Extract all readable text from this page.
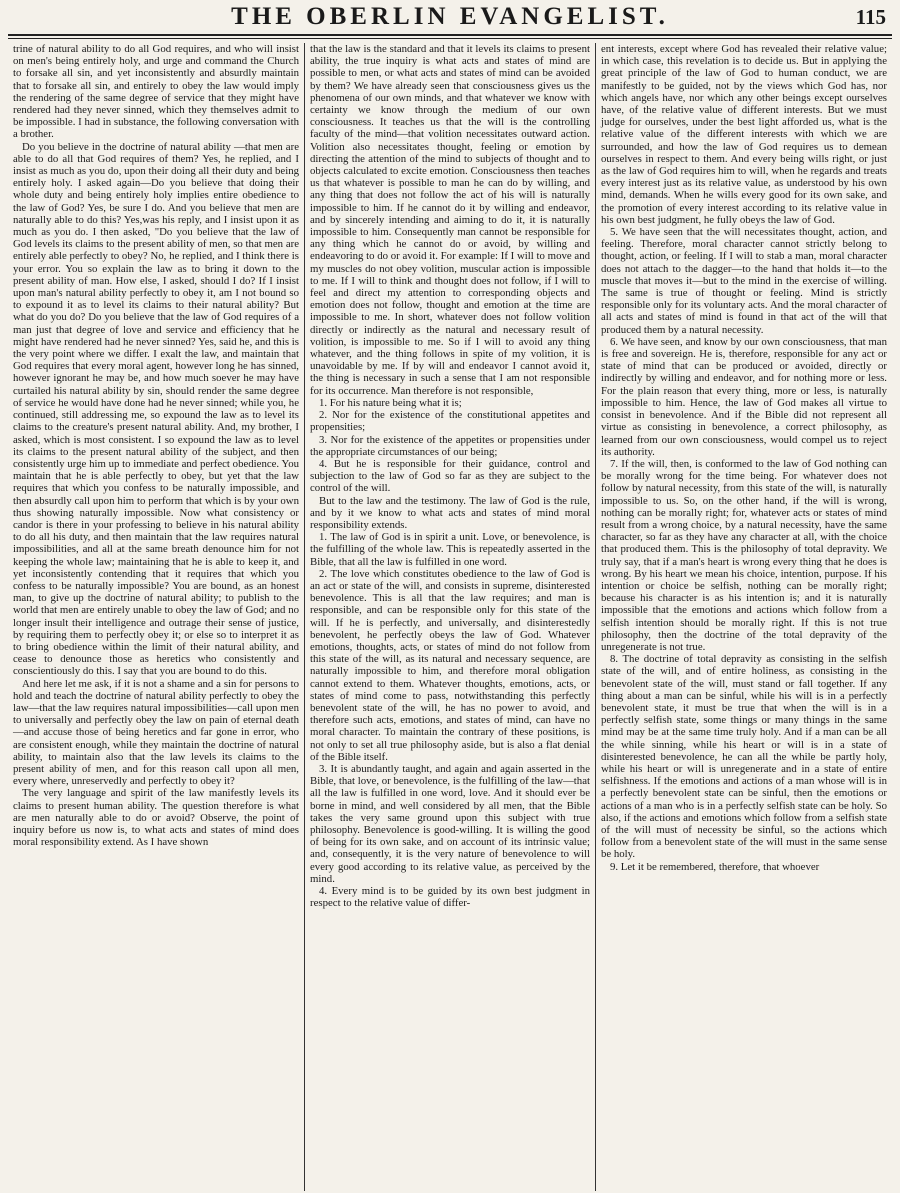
THE OBERLIN EVANGELIST.	115

trine of natural ability to do all God requires, and who will insist on men's being entirely holy, and urge and command the Church to forsake all sin, and yet inconsistently and absurdly maintain that to forsake all sin, and entirely to obey the law would imply the rendering of the same degree of service that they might have rendered had they never sinned, which they themselves admit to be impossible. I had in substance, the following conversation with a brother.

Do you believe in the doctrine of natural ability —that men are able to do all that God requires of them? Yes, he replied, and I insist as much as you do, upon their doing all their duty and being entirely holy. I asked again—Do you believe that doing their whole duty and being entirely holy implies entire obedience to the law of God? Yes, be sure I do. And you believe that men are naturally able to do this? Yes,was his reply, and I insist upon it as much as you do. I then asked, "Do you believe that the law of God levels its claims to the present ability of men, so that men are entirely able perfectly to obey? No, he replied, and I think there is your error. You so explain the law as to bring it down to the present ability of man. How else, I asked, should I do? If I insist upon man's natural ability perfectly to obey it, am I not bound so to expound it as to level its claims to their natural ability? But what do you do? Do you believe that the law of God requires of a man just that degree of love and service and efficiency that he might have rendered had he never sinned? Yes, said he, and this is the very point where we differ. I exalt the law, and maintain that God requires that every moral agent, however long he has sinned, however ignorant he may be, and how much soever he may have curtailed his natural ability by sin, should render the same degree of service he would have done had he never sinned; while you, he continued, still addressing me, so expound the law as to level its claims to the creature's present natural ability. And, my brother, I asked, which is most consistent. I so expound the law as to level its claims to the present natural ability of the subject, and then consistently urge him up to immediate and perfect obedience. You maintain that he is able perfectly to obey, but yet that the law requires that which you confess to be naturally impossible, and then absurdly call upon him to perform that which is by your own thus showing naturally impossible. Now what consistency or candor is there in your professing to believe in his natural ability to do all his duty, and then maintain that the law requires natural impossibilities, and all at the same breath denounce him for not keeping the whole law; maintaining that he is able to keep it, and yet inconsistently contending that it requires that which you confess to be naturally impossible? You are bound, as an honest man, to give up the doctrine of natural ability; to publish to the world that men are entirely unable to obey the law of God; and no longer insult their intelligence and outrage their sense of justice, by requiring them to perfectly obey it; or else so to interpret it as to bring obedience within the limit of their natural ability, and cease to denounce those as heretics who consistently and conscientiously do this. I say that you are bound to do this.

And here let me ask, if it is not a shame and a sin for persons to hold and teach the doctrine of natural ability perfectly to obey the law—that the law requires natural impossibilities—call upon men to universally and perfectly obey the law on pain of eternal death—and accuse those of being heretics and far gone in error, who are consistent enough, while they maintain the doctrine of natural ability, to maintain also that the law levels its claims to the present ability of men, and for this reason call upon all men, every where, unreservedly and perfectly to obey it?

The very language and spirit of the law manifestly levels its claims to present human ability. The question therefore is what are men naturally able to do or avoid? Observe, the point of inquiry before us now is, to what acts and states of mind does moral responsibility extend. As I have shown

that the law is the standard and that it levels its claims to present ability, the true inquiry is what acts and states of mind are possible to men, or what acts and states of mind can be avoided by them? We have already seen that consciousness gives us the phenomena of our own minds, and that whatever we know with certainty we know through the medium of our own consciousness. It teaches us that the will is the controlling faculty of the mind—that volition necessitates outward action. Volition also necessitates thought, feeling or emotion by directing the attention of the mind to subjects of thought and to objects calculated to excite emotion. Consciousness then teaches us that whatever is possible to man he can do by willing, and any thing that does not follow the act of his will is naturally impossible to him. If he cannot do it by willing and endeavor, and by sincerely intending and aiming to do it, it is naturally impossible to him. Consequently man cannot be responsible for any thing which he cannot do or avoid, by willing and endeavoring to do or avoid it. For example: If I will to move and my muscles do not obey volition, muscular action is impossible to me. If I will to think and thought does not follow, if I will to feel and direct my attention to corresponding objects and emotion does not follow, thought and emotion at the time are impossible to me. In short, whatever does not follow volition directly or indirectly as the natural and necessary result of volition, is impossible to me. So if I will to avoid any thing whatever, and the thing follows in spite of my volition, it is unavoidable by me. If by will and endeavor I cannot avoid it, the thing is necessary in such a sense that I am not responsible for its occurrence. Man therefore is not responsible,

1. For his nature being what it is;
2. Nor for the existence of the constitutional appetites and propensities;
3. Nor for the existence of the appetites or propensities under the appropriate circumstances of our being;
4. But he is responsible for their guidance, control and subjection to the law of God so far as they are subject to the control of the will.

But to the law and the testimony. The law of God is the rule, and by it we know to what acts and states of mind moral responsibility extends.

1. The law of God is in spirit a unit. Love, or benevolence, is the fulfilling of the whole law. This is repeatedly asserted in the Bible, that all the law is fulfilled in one word.

2. The love which constitutes obedience to the law of God is an act or state of the will, and consists in supreme, disinterested benevolence. This is all that the law requires; and man is responsible, and can be responsible only for this state of the will. If he is perfectly, and universally, and disinterestedly benevolent, he perfectly obeys the law of God. Whatever emotions, thoughts, acts, or states of mind do not follow from this state of the will, as its natural and necessary sequence, are naturally impossible to him, and therefore moral obligation cannot extend to them. Whatever thoughts, emotions, acts, or states of mind come to pass, notwithstanding this perfectly benevolent state of the will, he has no power to avoid, and therefore such acts, emotions, and states of mind, can have no moral character. To maintain the contrary of these positions, is not only to set all true philosophy aside, but is also a flat denial of the Bible itself.

3. It is abundantly taught, and again and again asserted in the Bible, that love, or benevolence, is the fulfilling of the law—that all the law is fulfilled in one word, love. And it should ever be borne in mind, and well considered by all men, that the Bible takes the very same ground upon this subject with true philosophy. Benevolence is good-willing. It is willing the good of being for its own sake, and on account of its intrinsic value; and, consequently, it is the very nature of benevolence to will every good according to its relative value, as perceived by the mind.

4. Every mind is to be guided by its own best judgment in respect to the relative value of differ-

ent interests, except where God has revealed their relative value; in which case, this revelation is to decide us. But in applying the great principle of the law of God to human conduct, we are manifestly to be guided, not by the views which God has, nor which angels have, nor which any other beings except ourselves have, of the relative value of different interests. But we must judge for ourselves, under the best light afforded us, what is the relative value of the different interests with which we are surrounded, and how the law of God requires us to demean ourselves in respect to them. And every being wills right, or just as the law of God requires him to will, when he regards and treats every interest just as its relative value, as understood by his own mind, demands. When he wills every good for its own sake, and the promotion of every interest according to its relative value in his own best judgment, he fully obeys the law of God.

5. We have seen that the will necessitates thought, action, and feeling. Therefore, moral character cannot strictly belong to thought, action, or feeling. If I will to stab a man, moral character does not attach to the dagger—to the hand that holds it—to the muscle that moves it—but to the mind in the exercise of willing. The same is true of thought or feeling. Mind is strictly responsible only for its voluntary acts. And the moral character of all acts and states of mind is found in that act of the will that produced them by a natural necessity.

6. We have seen, and know by our own consciousness, that man is free and sovereign. He is, therefore, responsible for any act or state of mind that can be produced or avoided, directly or indirectly by willing and endeavor, and for nothing more or less. For the plain reason that every thing, more or less, is naturally impossible to him. Hence, the law of God makes all virtue to consist in benevolence. And if the Bible did not represent all virtue as consisting in benevolence, a correct philosophy, as learned from our own consciousness, would compel us to reject its authority.

7. If the will, then, is conformed to the law of God nothing can be morally wrong for the time being. For whatever does not follow by natural necessity, from this state of the will, is naturally impossible to us. So, on the other hand, if the will is wrong, nothing can be morally right; for, whatever acts or states of mind result from a wrong choice, by a natural necessity, have the same character, so far as they have any character at all, with the choice that produced them. This is the philosophy of total depravity. We truly say, that if a man's heart is wrong every thing that he does is wrong. By his heart we mean his choice, intention, purpose. If his intention or choice be selfish, nothing can be morally right; because his character is as his intention is; and it is naturally impossible that the emotions and actions which follow from a selfish intention should be morally right. If this is not true philosophy, then the doctrine of the total depravity of the unregenerate is not true.

8. The doctrine of total depravity as consisting in the selfish state of the will, and of entire holiness, as consisting in the benevolent state of the will, must stand or fall together. If any thing about a man can be sinful, while his will is in a perfectly benevolent state, it must be true that when the will is in a perfectly selfish state, some things or many things in the same mind may be at the same time truly holy. And if a man can be all the while sinning, while his heart or will is in a state of disinterested benevolence, he can all the while be partly holy, while his heart or will is unregenerate and in a state of entire selfishness. If the emotions and actions of a man whose will is in a perfectly benevolent state can be sinful, then the emotions or actions of a man who is in a perfectly selfish state can be holy. So also, if the actions and emotions which follow from a selfish state of the will must of necessity be sinful, so the actions which follow from a benevolent state of the will must in the same sense be holy.

9. Let it be remembered, therefore, that whoever
